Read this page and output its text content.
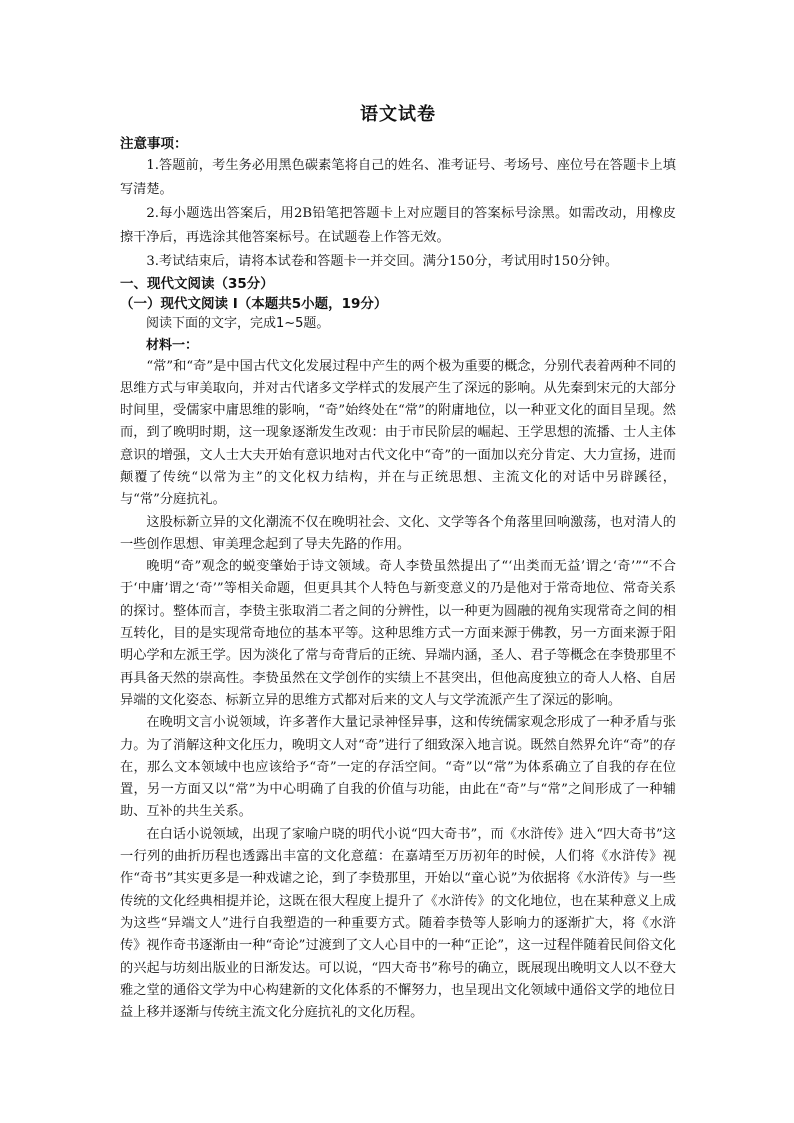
语文试卷
注意事项：

1.答题前，考生务必用黑色碳素笔将自己的姓名、准考证号、考场号、座位号在答题卡上填写清楚。

2.每小题选出答案后，用2B铅笔把答题卡上对应题目的答案标号涂黑。如需改动，用橡皮擦干净后，再选涂其他答案标号。在试题卷上作答无效。

3.考试结束后，请将本试卷和答题卡一并交回。满分150分，考试用时150分钟。

一、现代文阅读（35分）
（一）现代文阅读 I（本题共5小题，19分）

阅读下面的文字，完成1~5题。

材料一：

“常”和“奇”是中国古代文化发展过程中产生的两个极为重要的概念，分别代表着两种不同的思维方式与审美取向，并对古代诸多文学样式的发展产生了深远的影响。从先秦到宋元的大部分时间里，受儒家中庸思维的影响，“奇”始终处在“常”的附庸地位，以一种亚文化的面目呈现。然而，到了晚明时期，这一现象逐渐发生改观：由于市民阶层的崛起、王学思想的流播、士人主体意识的增强，文人士大夫开始有意识地对古代文化中“奇”的一面加以充分肯定、大力宣扬，进而颠覆了传统“以常为主”的文化权力结构，并在与正统思想、主流文化的对话中另辟蹊径，与“常”分庭抗礼。

这股标新立异的文化潮流不仅在晚明社会、文化、文学等各个角落里回响激荡，也对清人的一些创作思想、审美理念起到了导夫先路的作用。

晚明“奇”观念的蜕变肇始于诗文领域。奇人李贽虽然提出了“‘出类而无益’谓之‘奇’”“不合于‘中庸’谓之‘奇’”等相关命题，但更具其个人特色与新变意义的乃是他对于常奇地位、常奇关系的探讨。整体而言，李贽主张取消二者之间的分辨性，以一种更为圆融的视角实现常奇之间的相互转化，目的是实现常奇地位的基本平等。这种思维方式一方面来源于佛教，另一方面来源于阳明心学和左派王学。因为淡化了常与奇背后的正统、异端内涵，圣人、君子等概念在李贽那里不再具备天然的崇高性。李贽虽然在文学创作的实绩上不甚突出，但他高度独立的奇人人格、自居异端的文化姿态、标新立异的思维方式都对后来的文人与文学流派产生了深远的影响。

在晚明文言小说领域，许多著作大量记录神怪异事，这和传统儒家观念形成了一种矛盾与张力。为了消解这种文化压力，晚明文人对“奇”进行了细致深入地言说。既然自然界允许“奇”的存在，那么文本领域中也应该给予“奇”一定的存活空间。“奇”以“常”为体系确立了自我的存在位置，另一方面又以“常”为中心明确了自我的价值与功能，由此在“奇”与“常”之间形成了一种辅助、互补的共生关系。

在白话小说领域，出现了家喻户晓的明代小说“四大奇书”，而《水浒传》进入“四大奇书”这一行列的曲折历程也透露出丰富的文化意蕴：在嘉靖至万历初年的时候，人们将《水浒传》视作“奇书”其实更多是一种戏谑之论，到了李贽那里，开始以“童心说”为依据将《水浒传》与一些传统的文化经典相提并论，这既在很大程度上提升了《水浒传》的文化地位，也在某种意义上成为这些“异端文人”进行自我塑造的一种重要方式。随着李贽等人影响力的逐渐扩大，将《水浒传》视作奇书逐渐由一种“奇论”过渡到了文人心目中的一种“正论”，这一过程伴随着民间俗文化的兴起与坊刻出版业的日渐发达。可以说，“四大奇书”称号的确立，既展现出晚明文人以不登大雅之堂的通俗文学为中心构建新的文化体系的不懈努力，也呈现出文化领域中通俗文学的地位日益上移并逐渐与传统主流文化分庭抗礼的文化历程。
